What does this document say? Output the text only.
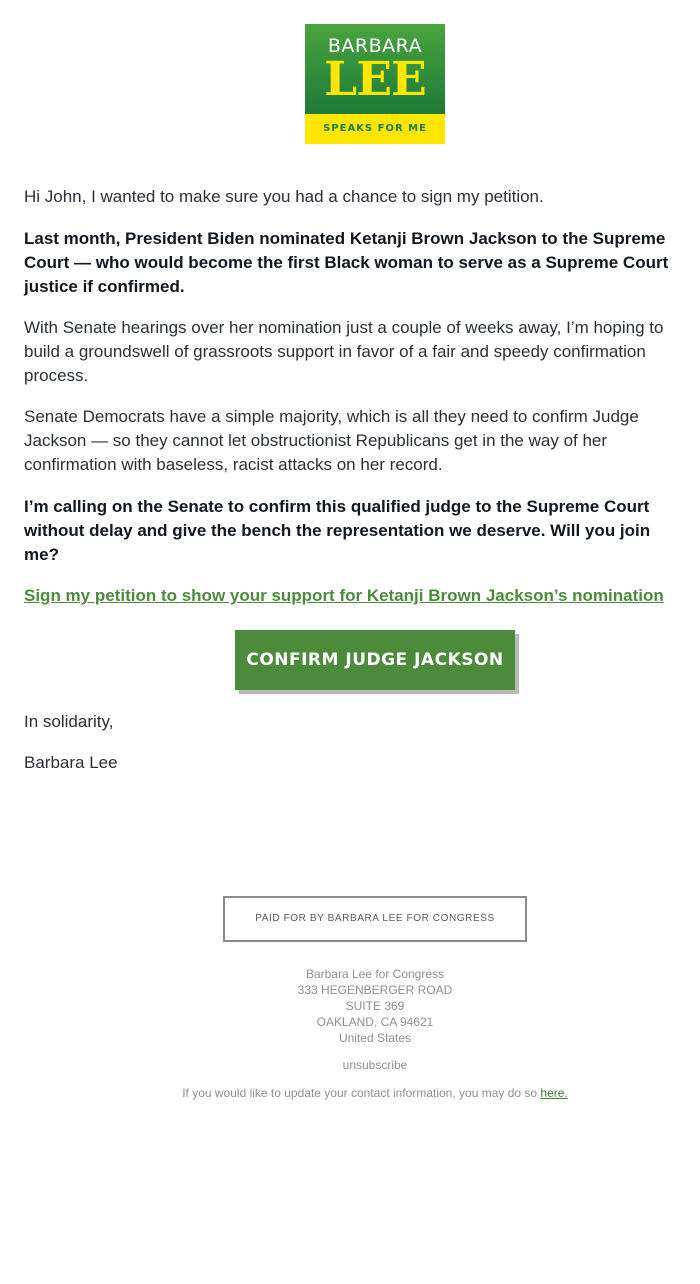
BARBARA
LEE
SPEAKS FOR ME

Hi John, I wanted to make sure you had a chance to sign my petition.

Last month, President Biden nominated Ketanji Brown Jackson to the Supreme
Court — who would become the first Black woman to serve as a Supreme Court
justice if confirmed.

With Senate hearings over her nomination just a couple of weeks away, I’m hoping to
build a groundswell of grassroots support in favor of a fair and speedy confirmation
process.

Senate Democrats have a simple majority, which is all they need to confirm Judge
Jackson — so they cannot let obstructionist Republicans get in the way of her
confirmation with baseless, racist attacks on her record.

I’m calling on the Senate to confirm this qualified judge to the Supreme Court
without delay and give the bench the representation we deserve. Will you join
me?

Sign my petition to show your support for Ketanji Brown Jackson’s nomination

CONFIRM JUDGE JACKSON

In solidarity,

Barbara Lee

PAID FOR BY BARBARA LEE FOR CONGRESS
Barbara Lee for Congress
333 HEGENBERGER ROAD
SUITE 369
OAKLAND, CA 94621
United States
unsubscribe
If you would like to update your contact information, you may do so here.
